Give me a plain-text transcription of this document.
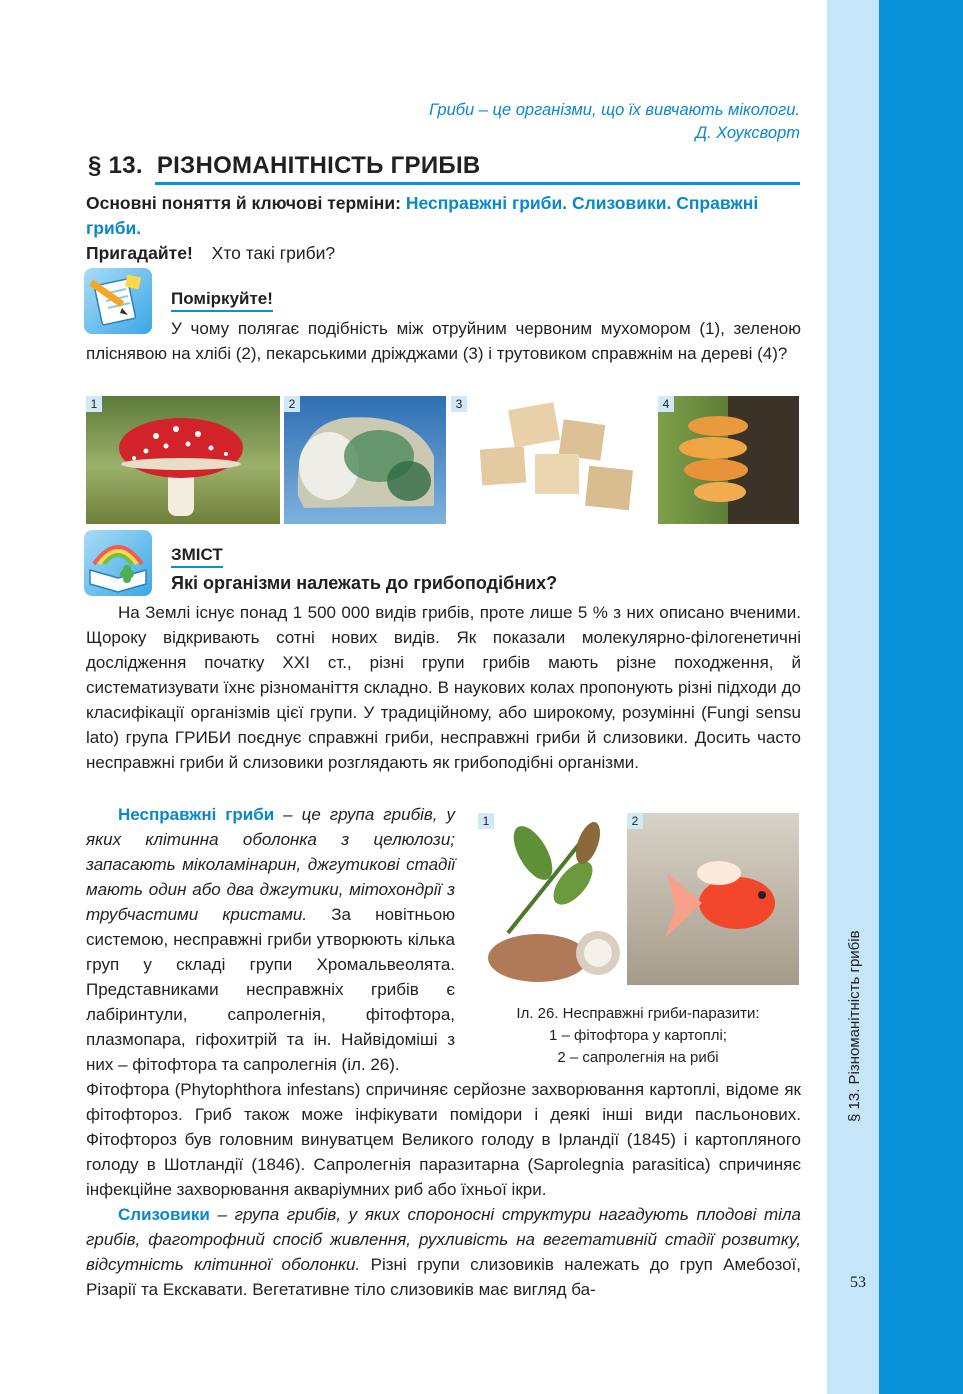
§ 13. Різноманітність грибів
53
Гриби – це організми, що їх вивчають мікологи.
Д. Хоуксворт
§ 13. РІЗНОМАНІТНІСТЬ ГРИБІВ
Основні поняття й ключові терміни: Несправжні гриби. Слизовики. Справжні гриби.
Пригадайте! Хто такі гриби?
Поміркуйте!
У чому полягає подібність між отруйним червоним мухомором (1), зеленою пліснявою на хлібі (2), пекарськими дріжджами (3) і трутовиком справжнім на дереві (4)?
1	2	3	4
ЗМІСТ
Які організми належать до грибоподібних?
На Землі існує понад 1 500 000 видів грибів, проте лише 5 % з них описано вченими. Щороку відкривають сотні нових видів. Як показали молекулярно-філогенетичні дослідження початку XXI ст., різні групи грибів мають різне походження, й систематизувати їхнє різноманіття складно. В наукових колах пропонують різні підходи до класифікації організмів цієї групи. У традиційному, або широкому, розумінні (Fungi sensu lato) група ГРИБИ поєднує справжні гриби, несправжні гриби й слизовики. Досить часто несправжні гриби й слизовики розглядають як грибоподібні організми.
Несправжні гриби – це група грибів, у яких клітинна оболонка з целюлози; запасають міколамінарин, джгутикові стадії мають один або два джгутики, мітохондрії з трубчастими кристами. За новітньою системою, несправжні гриби утворюють кілька груп у складі групи Хромальвеолята. Представниками несправжніх грибів є лабіринтули, сапролегнія, фітофтора, плазмопара, гіфохитрій та ін. Найвідоміші з них – фітофтора та сапролегнія (іл. 26).
1	2
Іл. 26. Несправжні гриби-паразити:
1 – фітофтора у картоплі;
2 – сапролегнія на рибі
Фітофтора (Phytophthora infestans) спричиняє серйозне захворювання картоплі, відоме як фітофтороз. Гриб також може інфікувати помідори і деякі інші види пасльонових. Фітофтороз був головним винуватцем Великого голоду в Ірландії (1845) і картопляного голоду в Шотландії (1846). Сапролегнія паразитарна (Saprolegnia parasitica) спричиняє інфекційне захворювання акваріумних риб або їхньої ікри.
Слизовики – група грибів, у яких спороносні структури нагадують плодові тіла грибів, фаготрофний спосіб живлення, рухливість на вегетативній стадії розвитку, відсутність клітинної оболонки. Різні групи слизовиків належать до груп Амебозої, Різарії та Екскавати. Вегетативне тіло слизовиків має вигляд ба-
